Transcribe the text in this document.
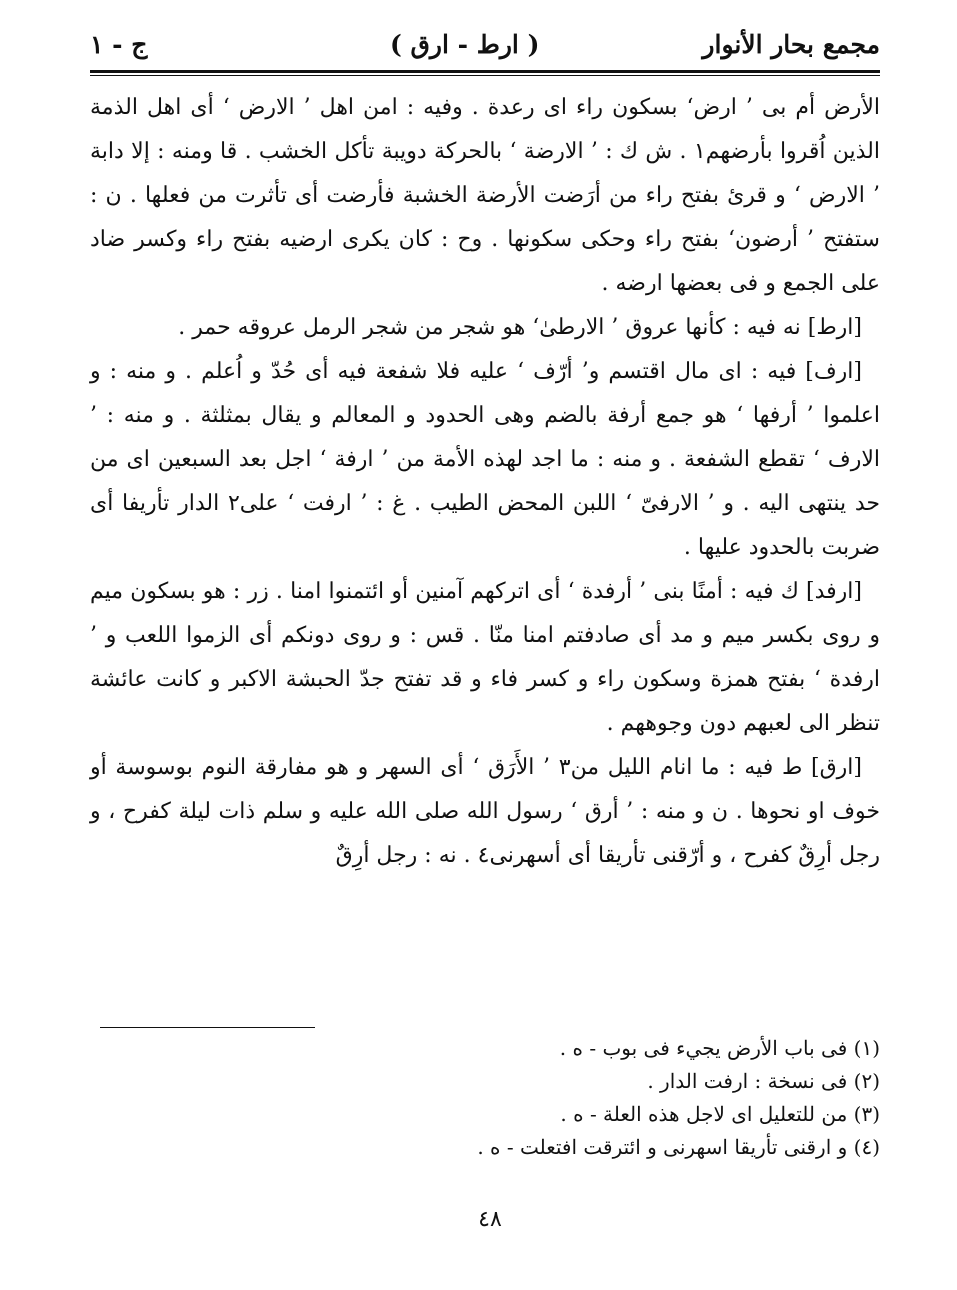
مجمع بحار الأنوار
( ارط - ارق )
ج - ١

الأرض أم بى ’ ارض‘ بسكون راء اى رعدة . وفيه : امن اهل ’ الارض ‘ أى اهل الذمة الذين اُقروا بأرضهم١ . ش ك : ’ الارضة ‘ بالحركة دويبة تأكل الخشب . قا ومنه : إلا دابة ’ الارض ‘ و قرئ بفتح راء من أرَضت الأرضة الخشبة فأرضت أى تأثرت من فعلها . ن : ستفتح ’ أرضون‘ بفتح راء وحكى سكونها . وح : كان يكرى ارضيه بفتح راء وكسر ضاد على الجمع و فى بعضها ارضه .

[ارط] نه فيه : كأنها عروق ’ الارطىٰ‘ هو شجر من شجر الرمل عروقه حمر .

[ارف] فيه : اى مال اقتسم و’ أرّف ‘ عليه فلا شفعة فيه أى حُدّ و اُعلم . و منه : و اعلموا ’ أرفها ‘ هو جمع أرفة بالضم وهى الحدود و المعالم و يقال بمثلثة . و منه : ’ الارف ‘ تقطع الشفعة . و منه : ما اجد لهذه الأمة من ’ ارفة ‘ اجل بعد السبعين اى من حد ينتهى اليه . و ’ الارفىّ ‘ اللبن المحض الطيب . غ : ’ ارفت ‘ على٢ الدار تأريفا أى ضربت بالحدود عليها .

[ارفد] ك فيه : أمنًا بنى ’ أرفدة ‘ أى اتركهم آمنين أو ائتمنوا امنا . زر : هو بسكون ميم و روى بكسر ميم و مد أى صادفتم امنا منّا . قس : و روى دونكم أى الزموا اللعب و ’ ارفدة ‘ بفتح همزة وسكون راء و كسر فاء و قد تفتح جدّ الحبشة الاكبر و كانت عائشة تنظر الى لعبهم دون وجوههم .

[ارق] ط فيه : ما انام الليل من٣ ’ الأَرَق ‘ أى السهر و هو مفارقة النوم بوسوسة أو خوف او نحوها . ن و منه : ’ أرق ‘ رسول الله صلى الله عليه و سلم ذات ليلة كفرح ، و رجل أرِقٌ كفرح ، و أرّقنى تأريقا أى أسهرنى٤ . نه : رجل أرِقٌ

(١) فى باب الأرض يجيء فى بوب - ه .

(٢) فى نسخة : ارفت الدار .

(٣) من للتعليل اى لاجل هذه العلة - ه .

(٤) و ارقنى تأريقا اسهرنى و ائترقت افتعلت - ه .

٤٨
